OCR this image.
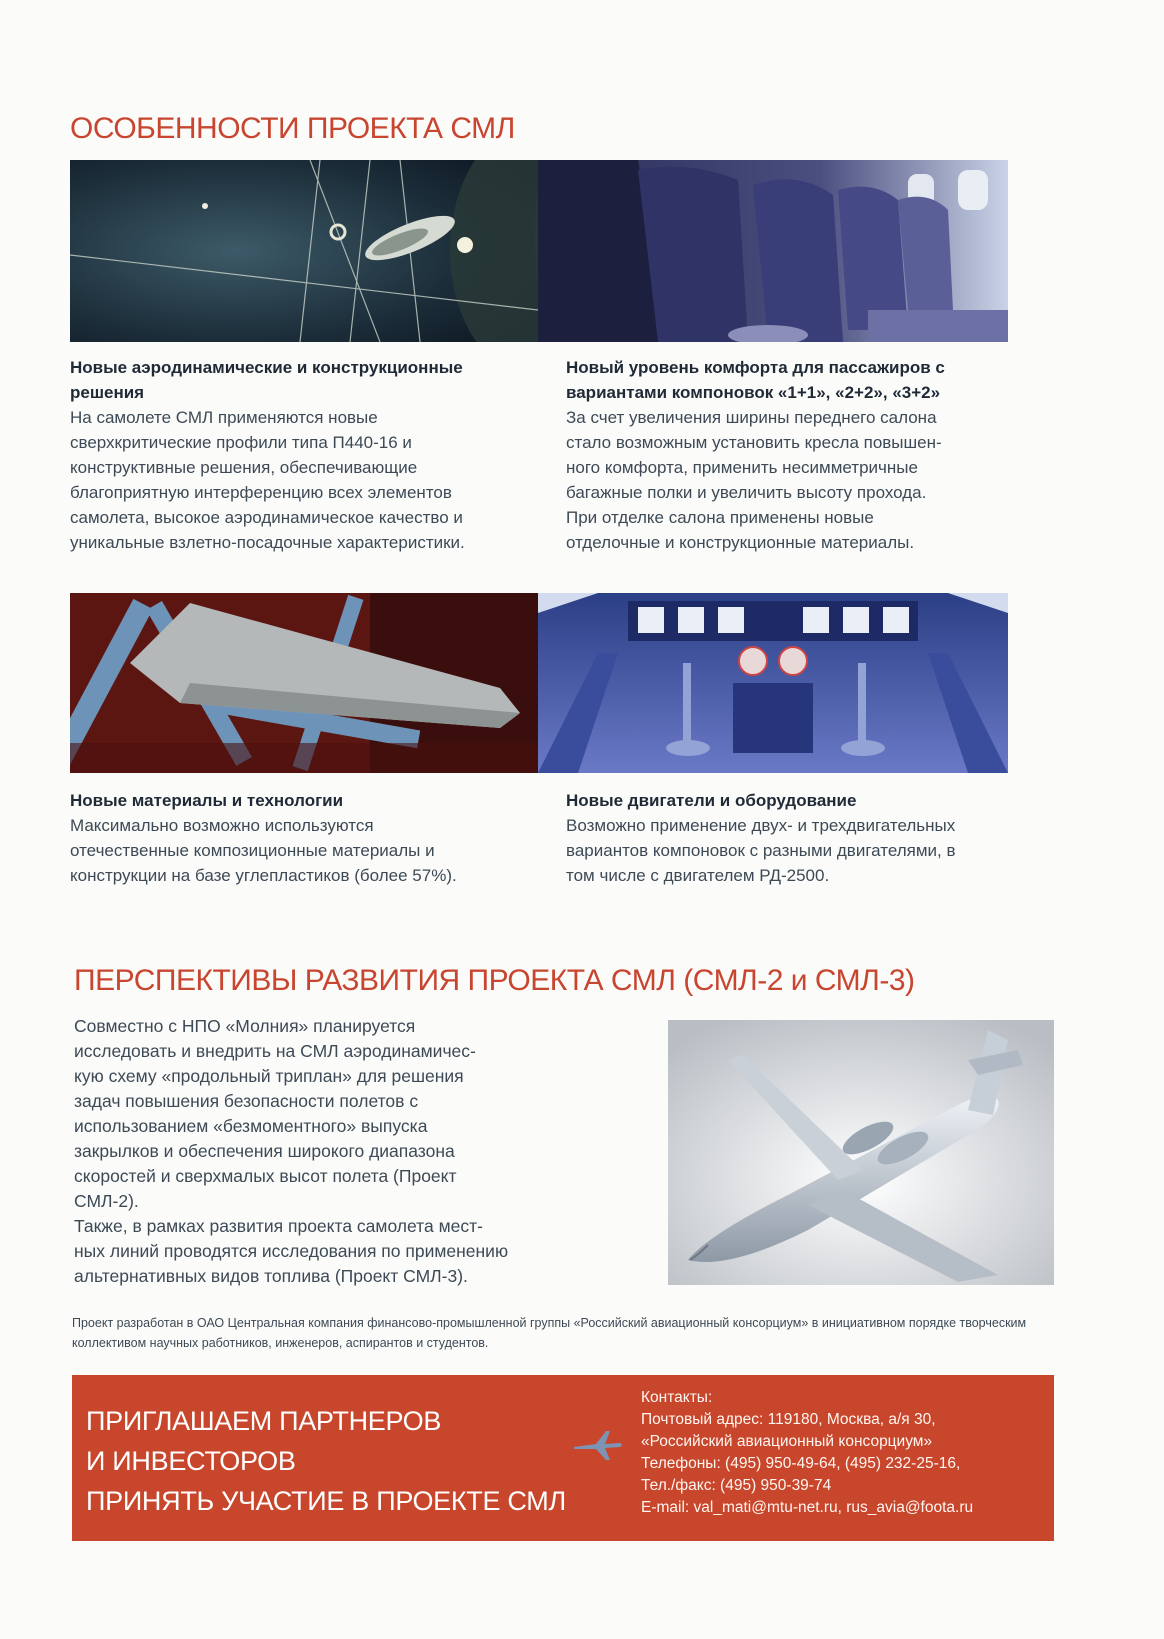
ОСОБЕННОСТИ ПРОЕКТА СМЛ
Новые аэродинамические и конструкционные решения
На самолете СМЛ применяются новые
сверхкритические профили типа П440-16 и
конструктивные решения, обеспечивающие
благоприятную интерференцию всех элементов
самолета, высокое аэродинамическое качество и
уникальные взлетно-посадочные характеристики.
Новый уровень комфорта для пассажиров с вариантами компоновок «1+1», «2+2», «3+2»
За счет увеличения ширины переднего салона
стало возможным установить кресла повышен-
ного комфорта, применить несимметричные
багажные полки и увеличить высоту прохода.
При отделке салона применены новые
отделочные и конструкционные материалы.
Новые материалы и технологии
Максимально возможно используются
отечественные композиционные материалы и
конструкции на базе углепластиков (более 57%).
Новые двигатели и оборудование
Возможно применение двух- и трехдвигательных
вариантов компоновок с разными двигателями, в
том числе с двигателем РД-2500.
ПЕРСПЕКТИВЫ РАЗВИТИЯ ПРОЕКТА СМЛ (СМЛ-2 и СМЛ-3)
Совместно с НПО «Молния» планируется
исследовать и внедрить на СМЛ аэродинамичес-
кую схему «продольный триплан» для решения
задач повышения безопасности полетов с
использованием «безмоментного» выпуска
закрылков и обеспечения широкого диапазона
скоростей и сверхмалых высот полета (Проект
СМЛ-2).
Также, в рамках развития проекта самолета мест-
ных линий проводятся исследования по применению
альтернативных видов топлива (Проект СМЛ-3).
Проект разработан в ОАО Центральная компания финансово-промышленной группы «Российский авиационный консорциум» в инициативном порядке творческим коллективом научных работников, инженеров, аспирантов и студентов.
ПРИГЛАШАЕМ ПАРТНЕРОВ
И ИНВЕСТОРОВ
ПРИНЯТЬ УЧАСТИЕ В ПРОЕКТЕ СМЛ
Контакты:
Почтовый адрес: 119180, Москва, а/я 30,
«Российский авиационный консорциум»
Телефоны: (495) 950-49-64, (495) 232-25-16,
Тел./факс: (495) 950-39-74
E-mail: val_mati@mtu-net.ru, rus_avia@foota.ru
